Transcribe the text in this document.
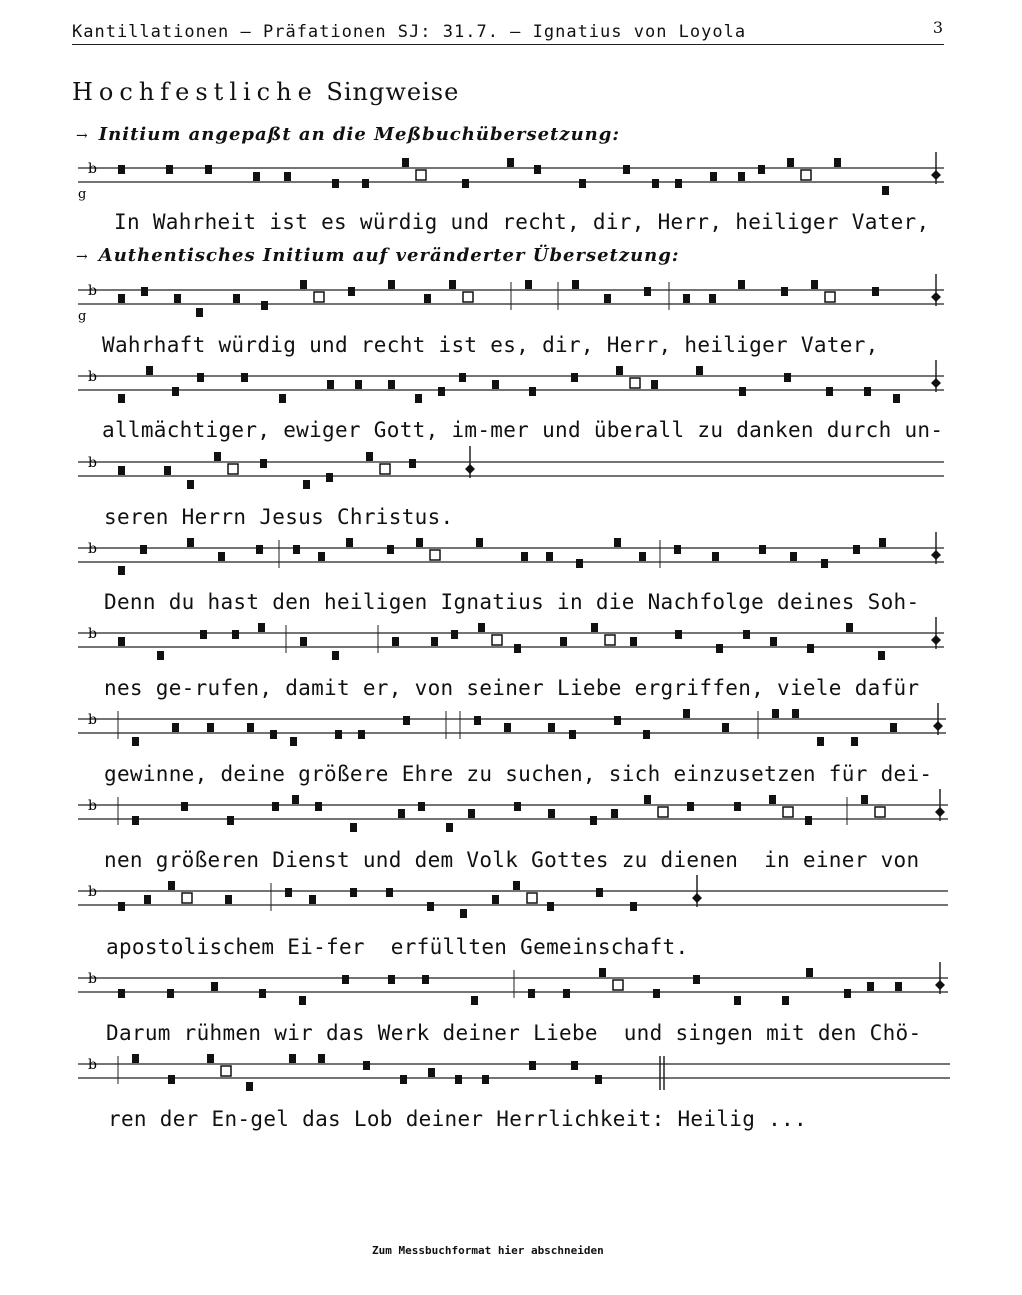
Kantillationen – Präfationen SJ: 31.7. – Ignatius von Loyola	3
Hochfestliche Singweise
→ Initium angepaßt an die Meßbuchübersetzung:
→ Authentisches Initium auf veränderter Übersetzung:
b
g
b
g
b
b
b
b
b
b
b
b
b
In Wahrheit ist es würdig und recht, dir, Herr, heiliger Vater,
Wahrhaft würdig und recht ist es, dir, Herr, heiliger Vater,
allmächtiger, ewiger Gott, im-mer und überall zu danken durch un-
seren Herrn Jesus Christus.
Denn du hast den heiligen Ignatius in die Nachfolge deines Soh-
nes ge-rufen, damit er, von seiner Liebe ergriffen, viele dafür
gewinne, deine größere Ehre zu suchen, sich einzusetzen für dei-
nen größeren Dienst und dem Volk Gottes zu dienen  in einer von
apostolischem Ei-fer  erfüllten Gemeinschaft.
Darum rühmen wir das Werk deiner Liebe  und singen mit den Chö-
ren der En-gel das Lob deiner Herrlichkeit: Heilig ...
Zum Messbuchformat hier abschneiden
